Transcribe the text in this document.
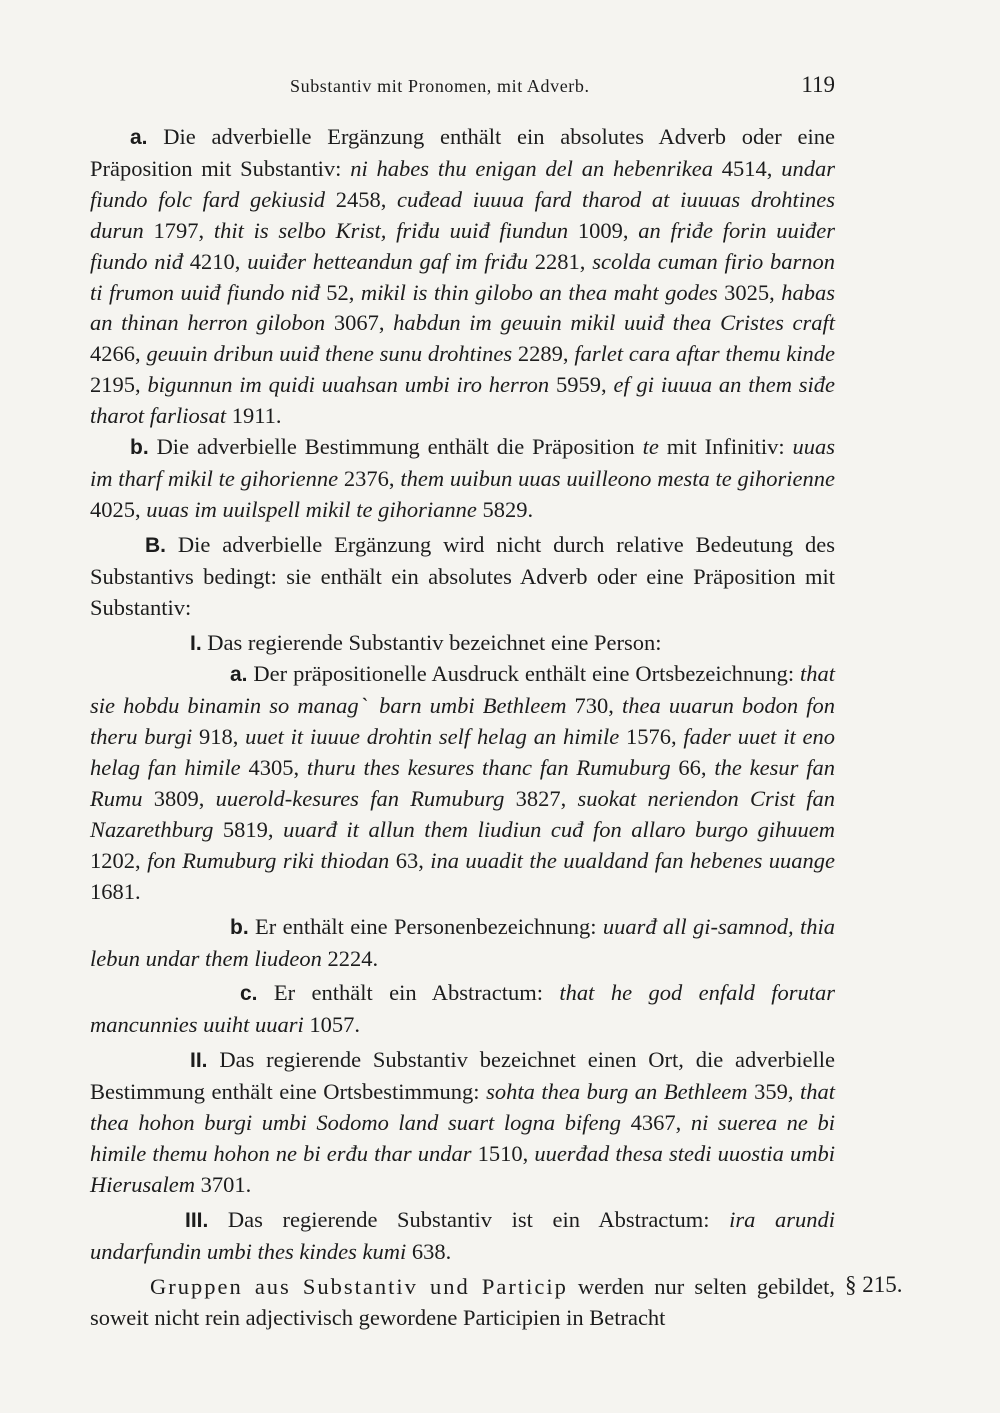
Substantiv mit Pronomen, mit Adverb.	119

a. Die adverbielle Ergänzung enthält ein absolutes Adverb oder eine Präposition mit Substantiv: ni habes thu enigan del an hebenrikea 4514, undar fiundo folc fard gekiusid 2458, cuđead iuuua fard tharod at iuuuas drohtines durun 1797, thit is selbo Krist, friđu uuiđ fiundun 1009, an friđe forin uuiđer fiundo niđ 4210, uuiđer hetteandun gaf im friđu 2281, scolda cuman firio barnon ti frumon uuiđ fiundo niđ 52, mikil is thin gilobo an thea maht godes 3025, habas an thinan herron gilobon 3067, habdun im geuuin mikil uuiđ thea Cristes craft 4266, geuuin dribun uuiđ thene sunu drohtines 2289, farlet cara aftar themu kinde 2195, bigunnun im quidi uuahsan umbi iro herron 5959, ef gi iuuua an them siđe tharot farliosat 1911.

b. Die adverbielle Bestimmung enthält die Präposition te mit Infinitiv: uuas im tharf mikil te gihorienne 2376, them uuibun uuas uuilleono mesta te gihorienne 4025, uuas im uuilspell mikil te gihorianne 5829.

B. Die adverbielle Ergänzung wird nicht durch relative Bedeutung des Substantivs bedingt: sie enthält ein absolutes Adverb oder eine Präposition mit Substantiv:

I. Das regierende Substantiv bezeichnet eine Person:

a. Der präpositionelle Ausdruck enthält eine Ortsbezeichnung: that sie hobdu binamin so managˋ barn umbi Bethleem 730, thea uuarun bodon fon theru burgi 918, uuet it iuuue drohtin self helag an himile 1576, fader uuet it eno helag fan himile 4305, thuru thes kesures thanc fan Rumuburg 66, the kesur fan Rumu 3809, uuerold-kesures fan Rumuburg 3827, suokat neriendon Crist fan Nazarethburg 5819, uuarđ it allun them liudiun cuđ fon allaro burgo gihuuem 1202, fon Rumuburg riki thiodan 63, ina uuadit the uualdand fan hebenes uuange 1681.

b. Er enthält eine Personenbezeichnung: uuarđ all gi-samnod, thia lebun undar them liudeon 2224.

c. Er enthält ein Abstractum: that he god enfald forutar mancunnies uuiht uuari 1057.

II. Das regierende Substantiv bezeichnet einen Ort, die adverbielle Bestimmung enthält eine Ortsbestimmung: sohta thea burg an Bethleem 359, that thea hohon burgi umbi Sodomo land suart logna bifeng 4367, ni suerea ne bi himile themu hohon ne bi erđu thar undar 1510, uuerđad thesa stedi uuostia umbi Hierusalem 3701.

III. Das regierende Substantiv ist ein Abstractum: ira arundi undarfundin umbi thes kindes kumi 638.

Gruppen aus Substantiv und Particip werden nur selten gebildet, soweit nicht rein adjectivisch gewordene Participien in Betracht

§ 215.
